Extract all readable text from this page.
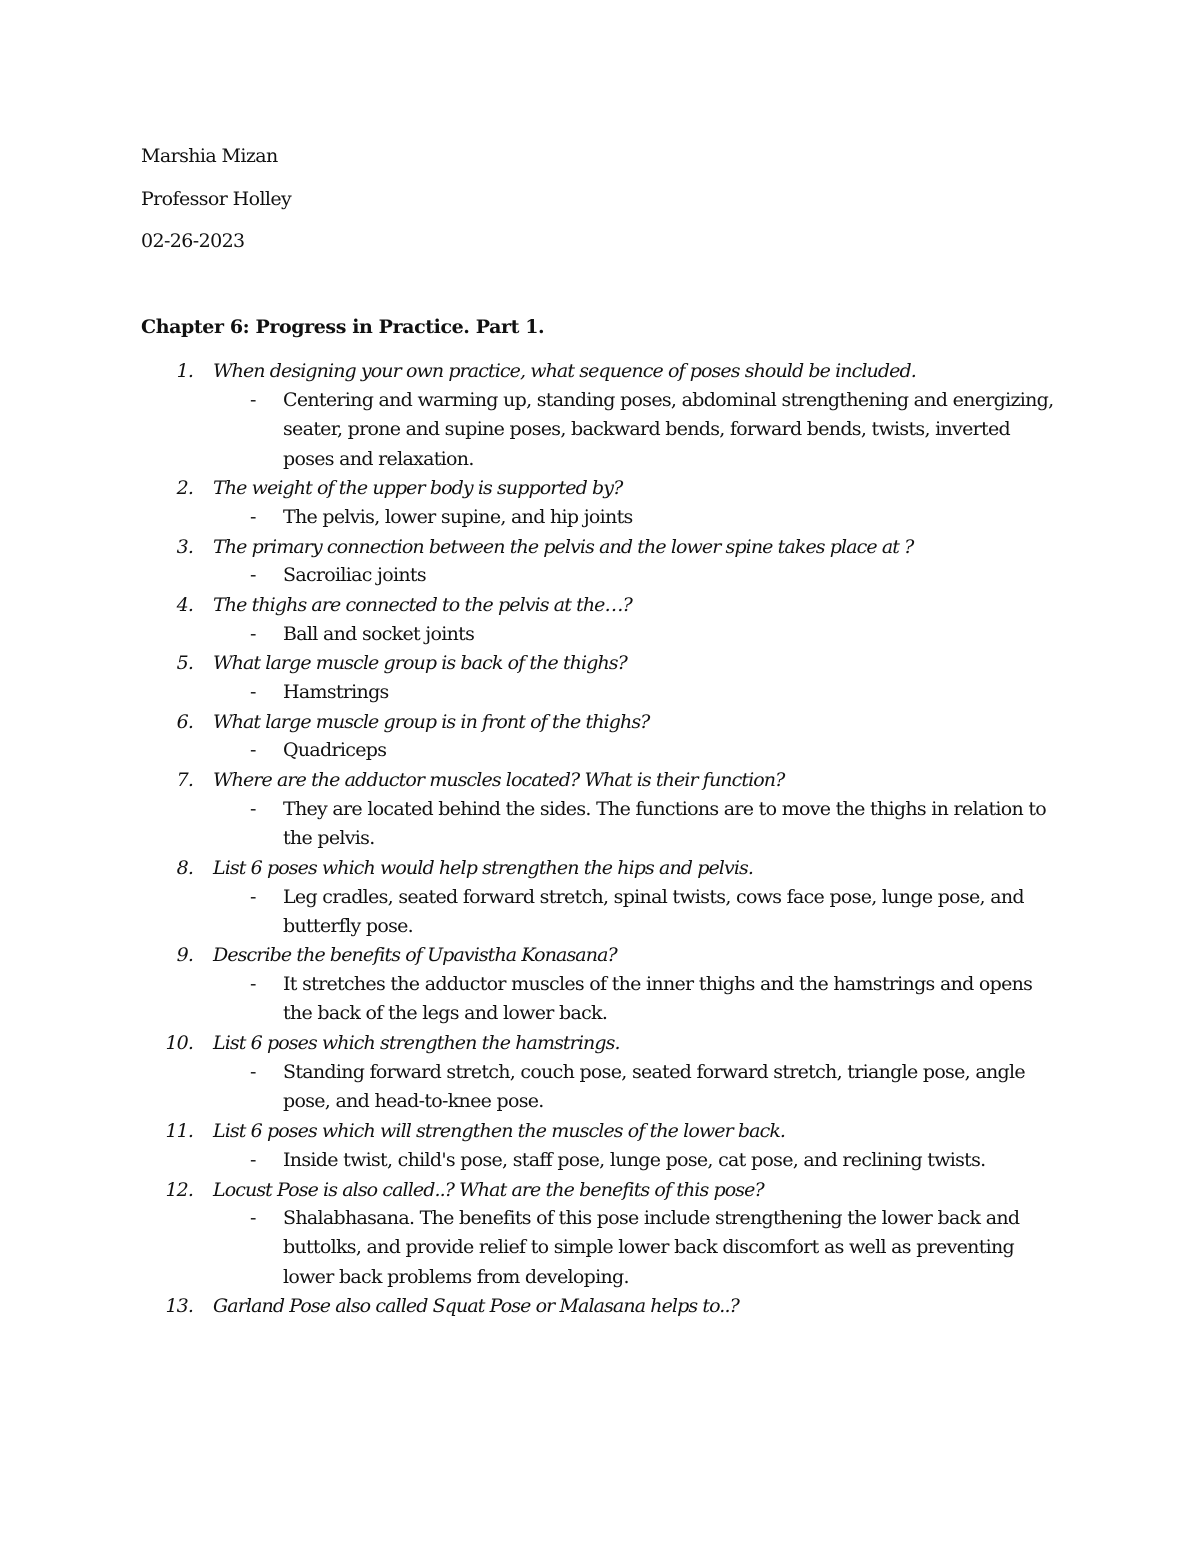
Marshia Mizan
Professor Holley
02-26-2023
Chapter 6: Progress in Practice. Part 1.
1. When designing your own practice, what sequence of poses should be included.
- Centering and warming up, standing poses, abdominal strengthening and energizing, seater, prone and supine poses, backward bends, forward bends, twists, inverted poses and relaxation.
2. The weight of the upper body is supported by?
- The pelvis, lower supine, and hip joints
3. The primary connection between the pelvis and the lower spine takes place at ?
- Sacroiliac joints
4. The thighs are connected to the pelvis at the…?
- Ball and socket joints
5. What large muscle group is back of the thighs?
- Hamstrings
6. What large muscle group is in front of the thighs?
- Quadriceps
7. Where are the adductor muscles located? What is their function?
- They are located behind the sides. The functions are to move the thighs in relation to the pelvis.
8. List 6 poses which would help strengthen the hips and pelvis.
- Leg cradles, seated forward stretch, spinal twists, cows face pose, lunge pose, and butterfly pose.
9. Describe the benefits of Upavistha Konasana?
- It stretches the adductor muscles of the inner thighs and the hamstrings and opens the back of the legs and lower back.
10. List 6 poses which strengthen the hamstrings.
- Standing forward stretch, couch pose, seated forward stretch, triangle pose, angle pose, and head-to-knee pose.
11. List 6 poses which will strengthen the muscles of the lower back.
- Inside twist, child's pose, staff pose, lunge pose, cat pose, and reclining twists.
12. Locust Pose is also called..? What are the benefits of this pose?
- Shalabhasana. The benefits of this pose include strengthening the lower back and buttolks, and provide relief to simple lower back discomfort as well as preventing lower back problems from developing.
13. Garland Pose also called Squat Pose or Malasana helps to..?
